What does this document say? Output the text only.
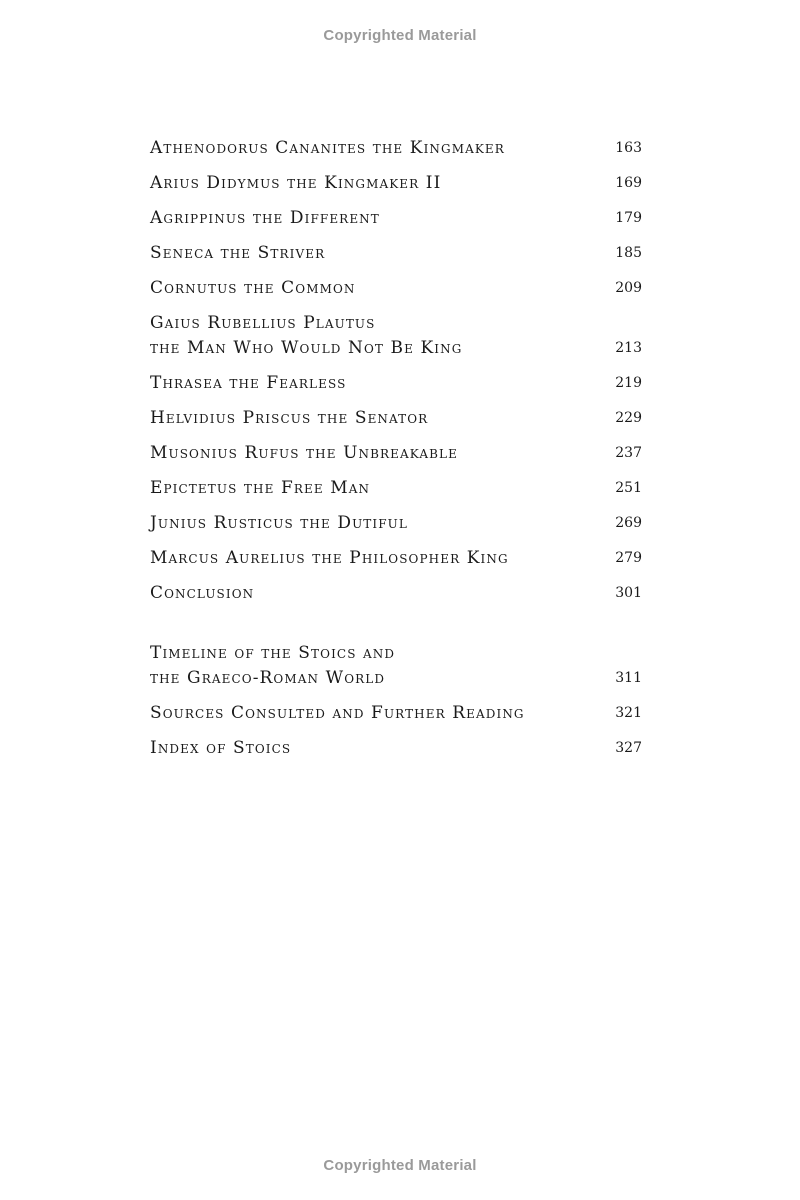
Copyrighted Material
Athenodorus Cananites the Kingmaker	163
Arius Didymus the Kingmaker II	169
Agrippinus the Different	179
Seneca the Striver	185
Cornutus the Common	209
Gaius Rubellius Plautus
the Man Who Would Not Be King	213
Thrasea the Fearless	219
Helvidius Priscus the Senator	229
Musonius Rufus the Unbreakable	237
Epictetus the Free Man	251
Junius Rusticus the Dutiful	269
Marcus Aurelius the Philosopher King	279
Conclusion	301
Timeline of the Stoics and
the Graeco-Roman World	311
Sources Consulted and Further Reading	321
Index of Stoics	327
Copyrighted Material
